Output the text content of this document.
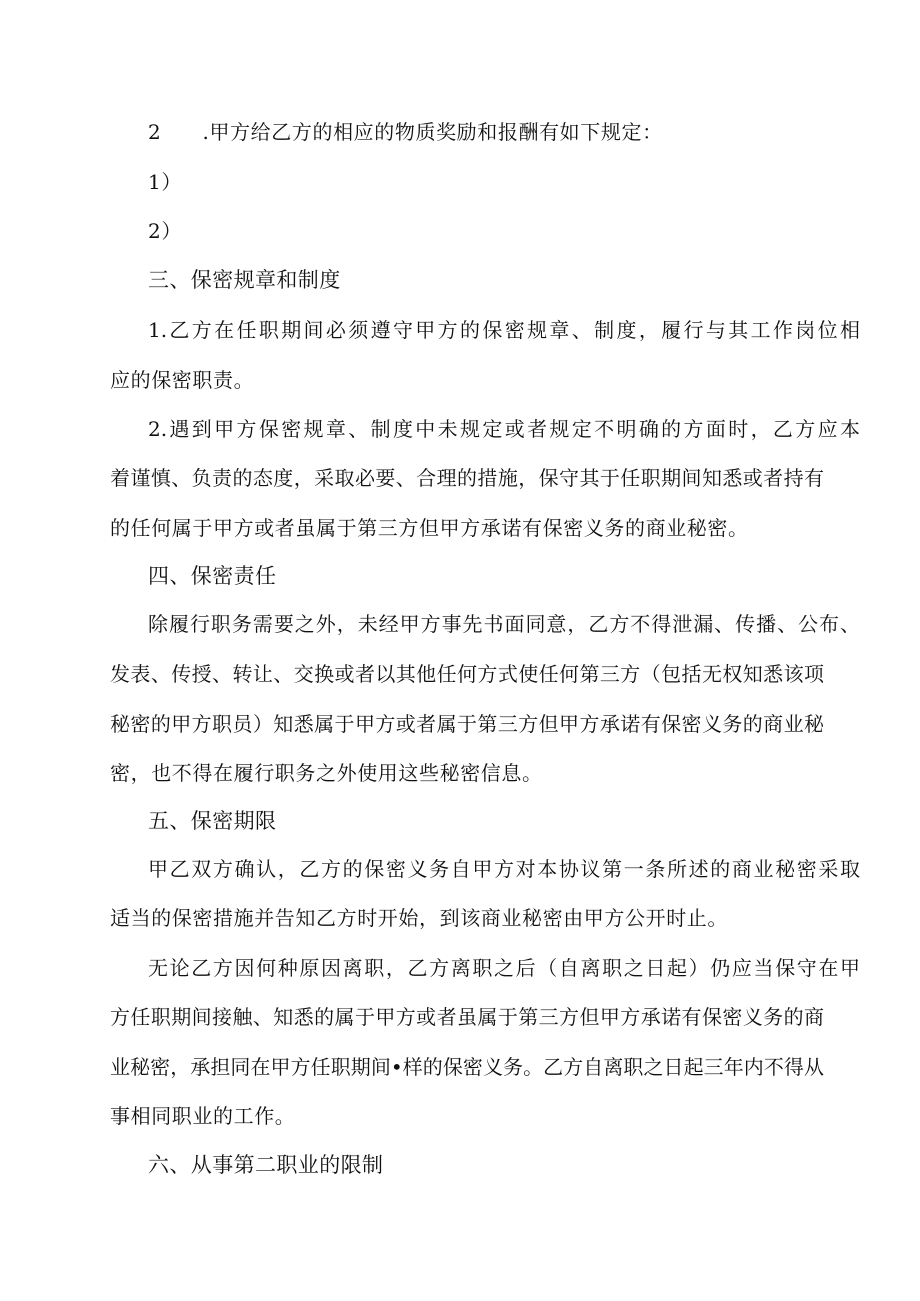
2　　.甲方给乙方的相应的物质奖励和报酬有如下规定：
1）
2）
三、保密规章和制度
1.乙方在任职期间必须遵守甲方的保密规章、制度，履行与其工作岗位相
应的保密职责。
2.遇到甲方保密规章、制度中未规定或者规定不明确的方面时，乙方应本
着谨慎、负责的态度，采取必要、合理的措施，保守其于任职期间知悉或者持有
的任何属于甲方或者虽属于第三方但甲方承诺有保密义务的商业秘密。
四、保密责任
除履行职务需要之外，未经甲方事先书面同意，乙方不得泄漏、传播、公布、
发表、传授、转让、交换或者以其他任何方式使任何第三方（包括无权知悉该项
秘密的甲方职员）知悉属于甲方或者属于第三方但甲方承诺有保密义务的商业秘
密，也不得在履行职务之外使用这些秘密信息。
五、保密期限
甲乙双方确认，乙方的保密义务自甲方对本协议第一条所述的商业秘密采取
适当的保密措施并告知乙方时开始，到该商业秘密由甲方公开时止。
无论乙方因何种原因离职，乙方离职之后（自离职之日起）仍应当保守在甲
方任职期间接触、知悉的属于甲方或者虽属于第三方但甲方承诺有保密义务的商
业秘密，承担同在甲方任职期间•样的保密义务。乙方自离职之日起三年内不得从
事相同职业的工作。
六、从事第二职业的限制
